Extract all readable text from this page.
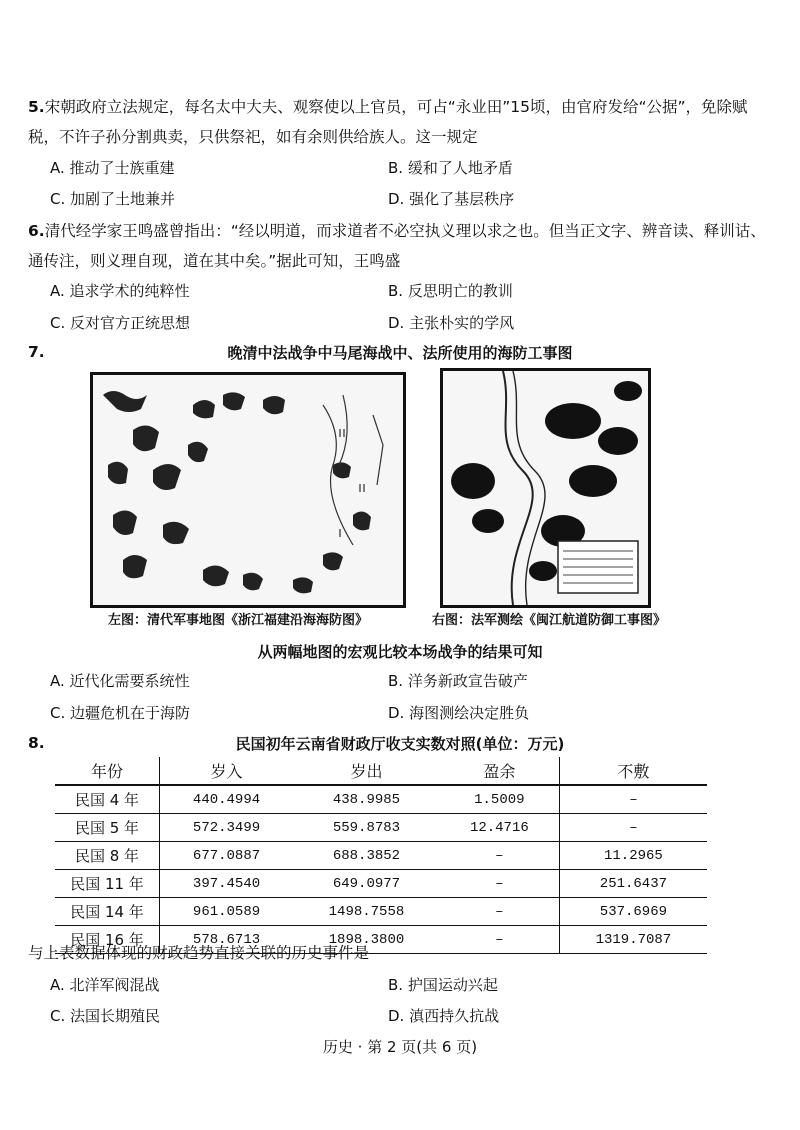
5.宋朝政府立法规定，每名太中大夫、观察使以上官员，可占“永业田”15顷，由官府发给“公据”，免除赋税，不许子孙分割典卖，只供祭祀，如有余则供给族人。这一规定
A. 推动了士族重建	B. 缓和了人地矛盾
C. 加剧了土地兼并	D. 强化了基层秩序
6.清代经学家王鸣盛曾指出：“经以明道，而求道者不必空执义理以求之也。但当正文字、辨音读、释训诂、通传注，则义理自现，道在其中矣。”据此可知，王鸣盛
A. 追求学术的纯粹性	B. 反思明亡的教训
C. 反对官方正统思想	D. 主张朴实的学风
7.	晚清中法战争中马尾海战中、法所使用的海防工事图
‖‖
‖‖
‖
左图：清代军事地图《浙江福建沿海海防图》	右图：法军测绘《闽江航道防御工事图》
从两幅地图的宏观比较本场战争的结果可知
A. 近代化需要系统性	B. 洋务新政宣告破产
C. 边疆危机在于海防	D. 海图测绘决定胜负
8.	民国初年云南省财政厅收支实数对照(单位：万元)
年份	岁入	岁出	盈余	不敷
民国 4 年	440.4994	438.9985	1.5009	–
民国 5 年	572.3499	559.8783	12.4716	–
民国 8 年	677.0887	688.3852	–	11.2965
民国 11 年	397.4540	649.0977	–	251.6437
民国 14 年	961.0589	1498.7558	–	537.6969
民国 16 年	578.6713	1898.3800	–	1319.7087
与上表数据体现的财政趋势直接关联的历史事件是
A. 北洋军阀混战	B. 护国运动兴起
C. 法国长期殖民	D. 滇西持久抗战
历史 · 第 2 页(共 6 页)
